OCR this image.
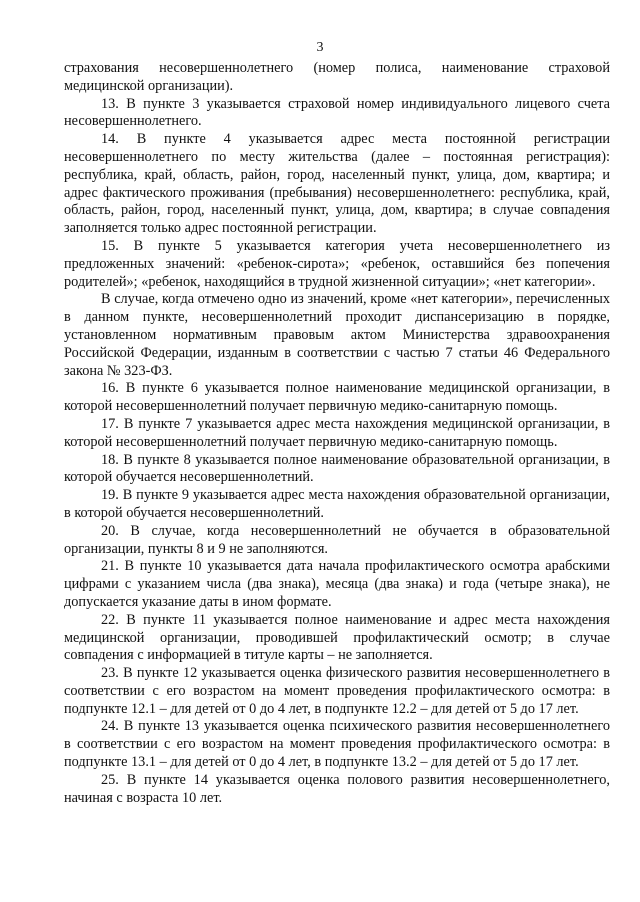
3

страхования несовершеннолетнего (номер полиса, наименование страховой медицинской организации).

13. В пункте 3 указывается страховой номер индивидуального лицевого счета несовершеннолетнего.

14. В пункте 4 указывается адрес места постоянной регистрации несовершеннолетнего по месту жительства (далее – постоянная регистрация): республика, край, область, район, город, населенный пункт, улица, дом, квартира; и адрес фактического проживания (пребывания) несовершеннолетнего: республика, край, область, район, город, населенный пункт, улица, дом, квартира; в случае совпадения заполняется только адрес постоянной регистрации.

15. В пункте 5 указывается категория учета несовершеннолетнего из предложенных значений: «ребенок-сирота»; «ребенок, оставшийся без попечения родителей»; «ребенок, находящийся в трудной жизненной ситуации»; «нет категории».

В случае, когда отмечено одно из значений, кроме «нет категории», перечисленных в данном пункте, несовершеннолетний проходит диспансеризацию в порядке, установленном нормативным правовым актом Министерства здравоохранения Российской Федерации, изданным в соответствии с частью 7 статьи 46 Федерального закона № 323-ФЗ.

16. В пункте 6 указывается полное наименование медицинской организации, в которой несовершеннолетний получает первичную медико-санитарную помощь.

17. В пункте 7 указывается адрес места нахождения медицинской организации, в которой несовершеннолетний получает первичную медико-санитарную помощь.

18. В пункте 8 указывается полное наименование образовательной организации, в которой обучается несовершеннолетний.

19. В пункте 9 указывается адрес места нахождения образовательной организации, в которой обучается несовершеннолетний.

20. В случае, когда несовершеннолетний не обучается в образовательной организации, пункты 8 и 9 не заполняются.

21. В пункте 10 указывается дата начала профилактического осмотра арабскими цифрами с указанием числа (два знака), месяца (два знака) и года (четыре знака), не допускается указание даты в ином формате.

22. В пункте 11 указывается полное наименование и адрес места нахождения медицинской организации, проводившей профилактический осмотр; в случае совпадения с информацией в титуле карты – не заполняется.

23. В пункте 12 указывается оценка физического развития несовершеннолетнего в соответствии с его возрастом на момент проведения профилактического осмотра: в подпункте 12.1 – для детей от 0 до 4 лет, в подпункте 12.2 – для детей от 5 до 17 лет.

24. В пункте 13 указывается оценка психического развития несовершеннолетнего в соответствии с его возрастом на момент проведения профилактического осмотра: в подпункте 13.1 – для детей от 0 до 4 лет, в подпункте 13.2 – для детей от 5 до 17 лет.

25. В пункте 14 указывается оценка полового развития несовершеннолетнего, начиная с возраста 10 лет.
